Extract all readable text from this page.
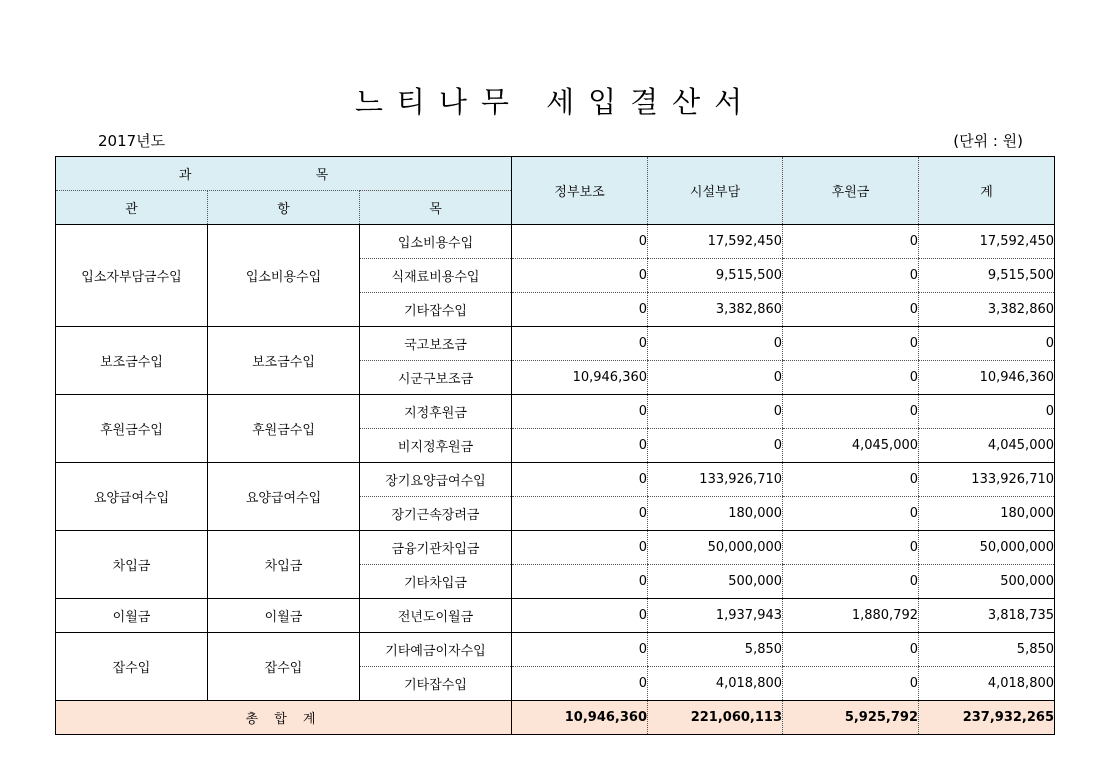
느티나무 세입결산서
2017년도	(단위 : 원)
과 목			정부보조	시설부담	후원금	계
관	항	목				
입소자부담금수입	입소비용수입	입소비용수입	0	17,592,450	0	17,592,450
		식재료비용수입	0	9,515,500	0	9,515,500
		기타잡수입	0	3,382,860	0	3,382,860
보조금수입	보조금수입	국고보조금	0	0	0	0
		시군구보조금	10,946,360	0	0	10,946,360
후원금수입	후원금수입	지정후원금	0	0	0	0
		비지정후원금	0	0	4,045,000	4,045,000
요양급여수입	요양급여수입	장기요양급여수입	0	133,926,710	0	133,926,710
		장기근속장려금	0	180,000	0	180,000
차입금	차입금	금융기관차입금	0	50,000,000	0	50,000,000
		기타차입금	0	500,000	0	500,000
이월금	이월금	전년도이월금	0	1,937,943	1,880,792	3,818,735
잡수입	잡수입	기타예금이자수입	0	5,850	0	5,850
		기타잡수입	0	4,018,800	0	4,018,800
총 합 계			10,946,360	221,060,113	5,925,792	237,932,265
